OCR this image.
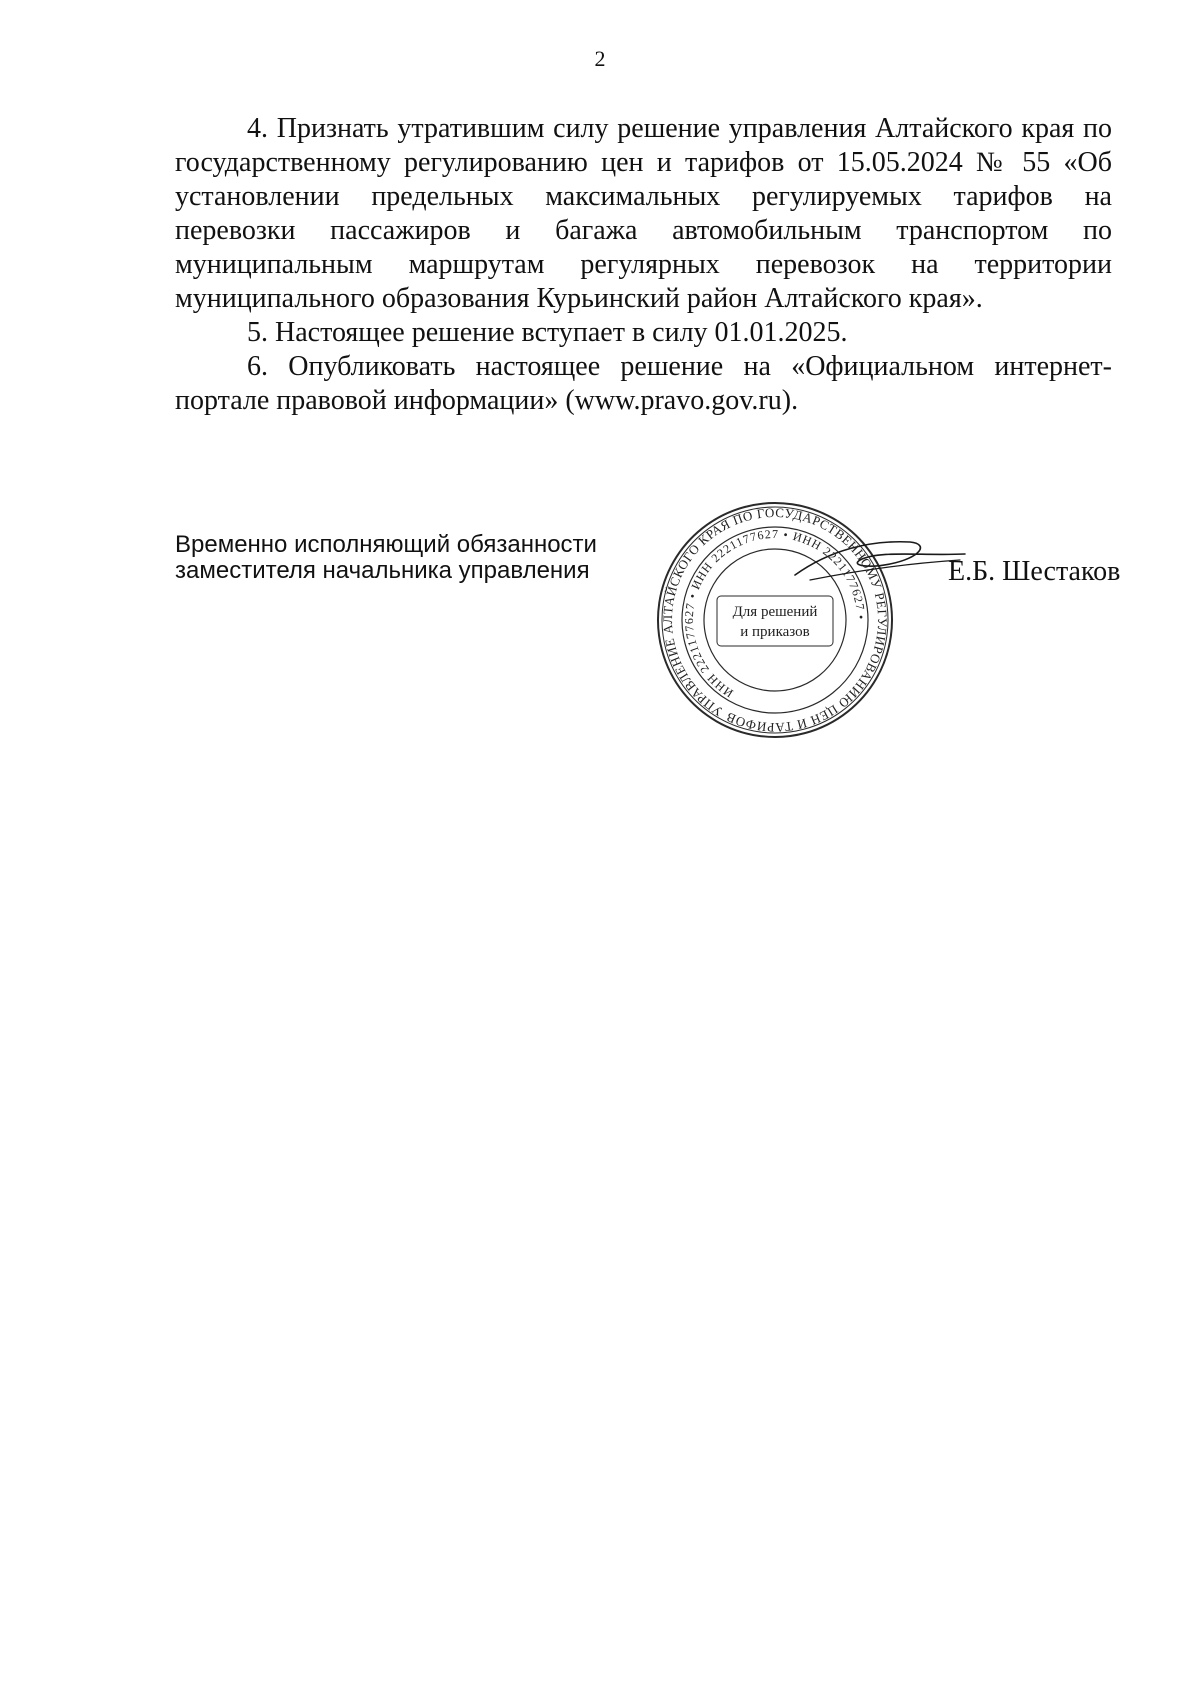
2

4. Признать утратившим силу решение управления Алтайского края по государственному регулированию цен и тарифов от 15.05.2024 № 55 «Об установлении предельных максимальных регулируемых тарифов на перевозки пассажиров и багажа автомобильным транспортом по муниципальным маршрутам регулярных перевозок на территории муниципального образования Курьинский район Алтайского края».

5. Настоящее решение вступает в силу 01.01.2025.

6. Опубликовать настоящее решение на «Официальном интернет-портале правовой информации» (www.pravo.gov.ru).

Временно исполняющий обязанности
заместителя начальника управления
УПРАВЛЕНИЕ АЛТАЙСКОГО КРАЯ ПО ГОСУДАРСТВЕННОМУ РЕГУЛИРОВАНИЮ ЦЕН И ТАРИФОВ
ИНН 2221177627 • ИНН 2221177627 • ИНН 2221177627 •
Для решений
и приказов
Е.Б. Шестаков
